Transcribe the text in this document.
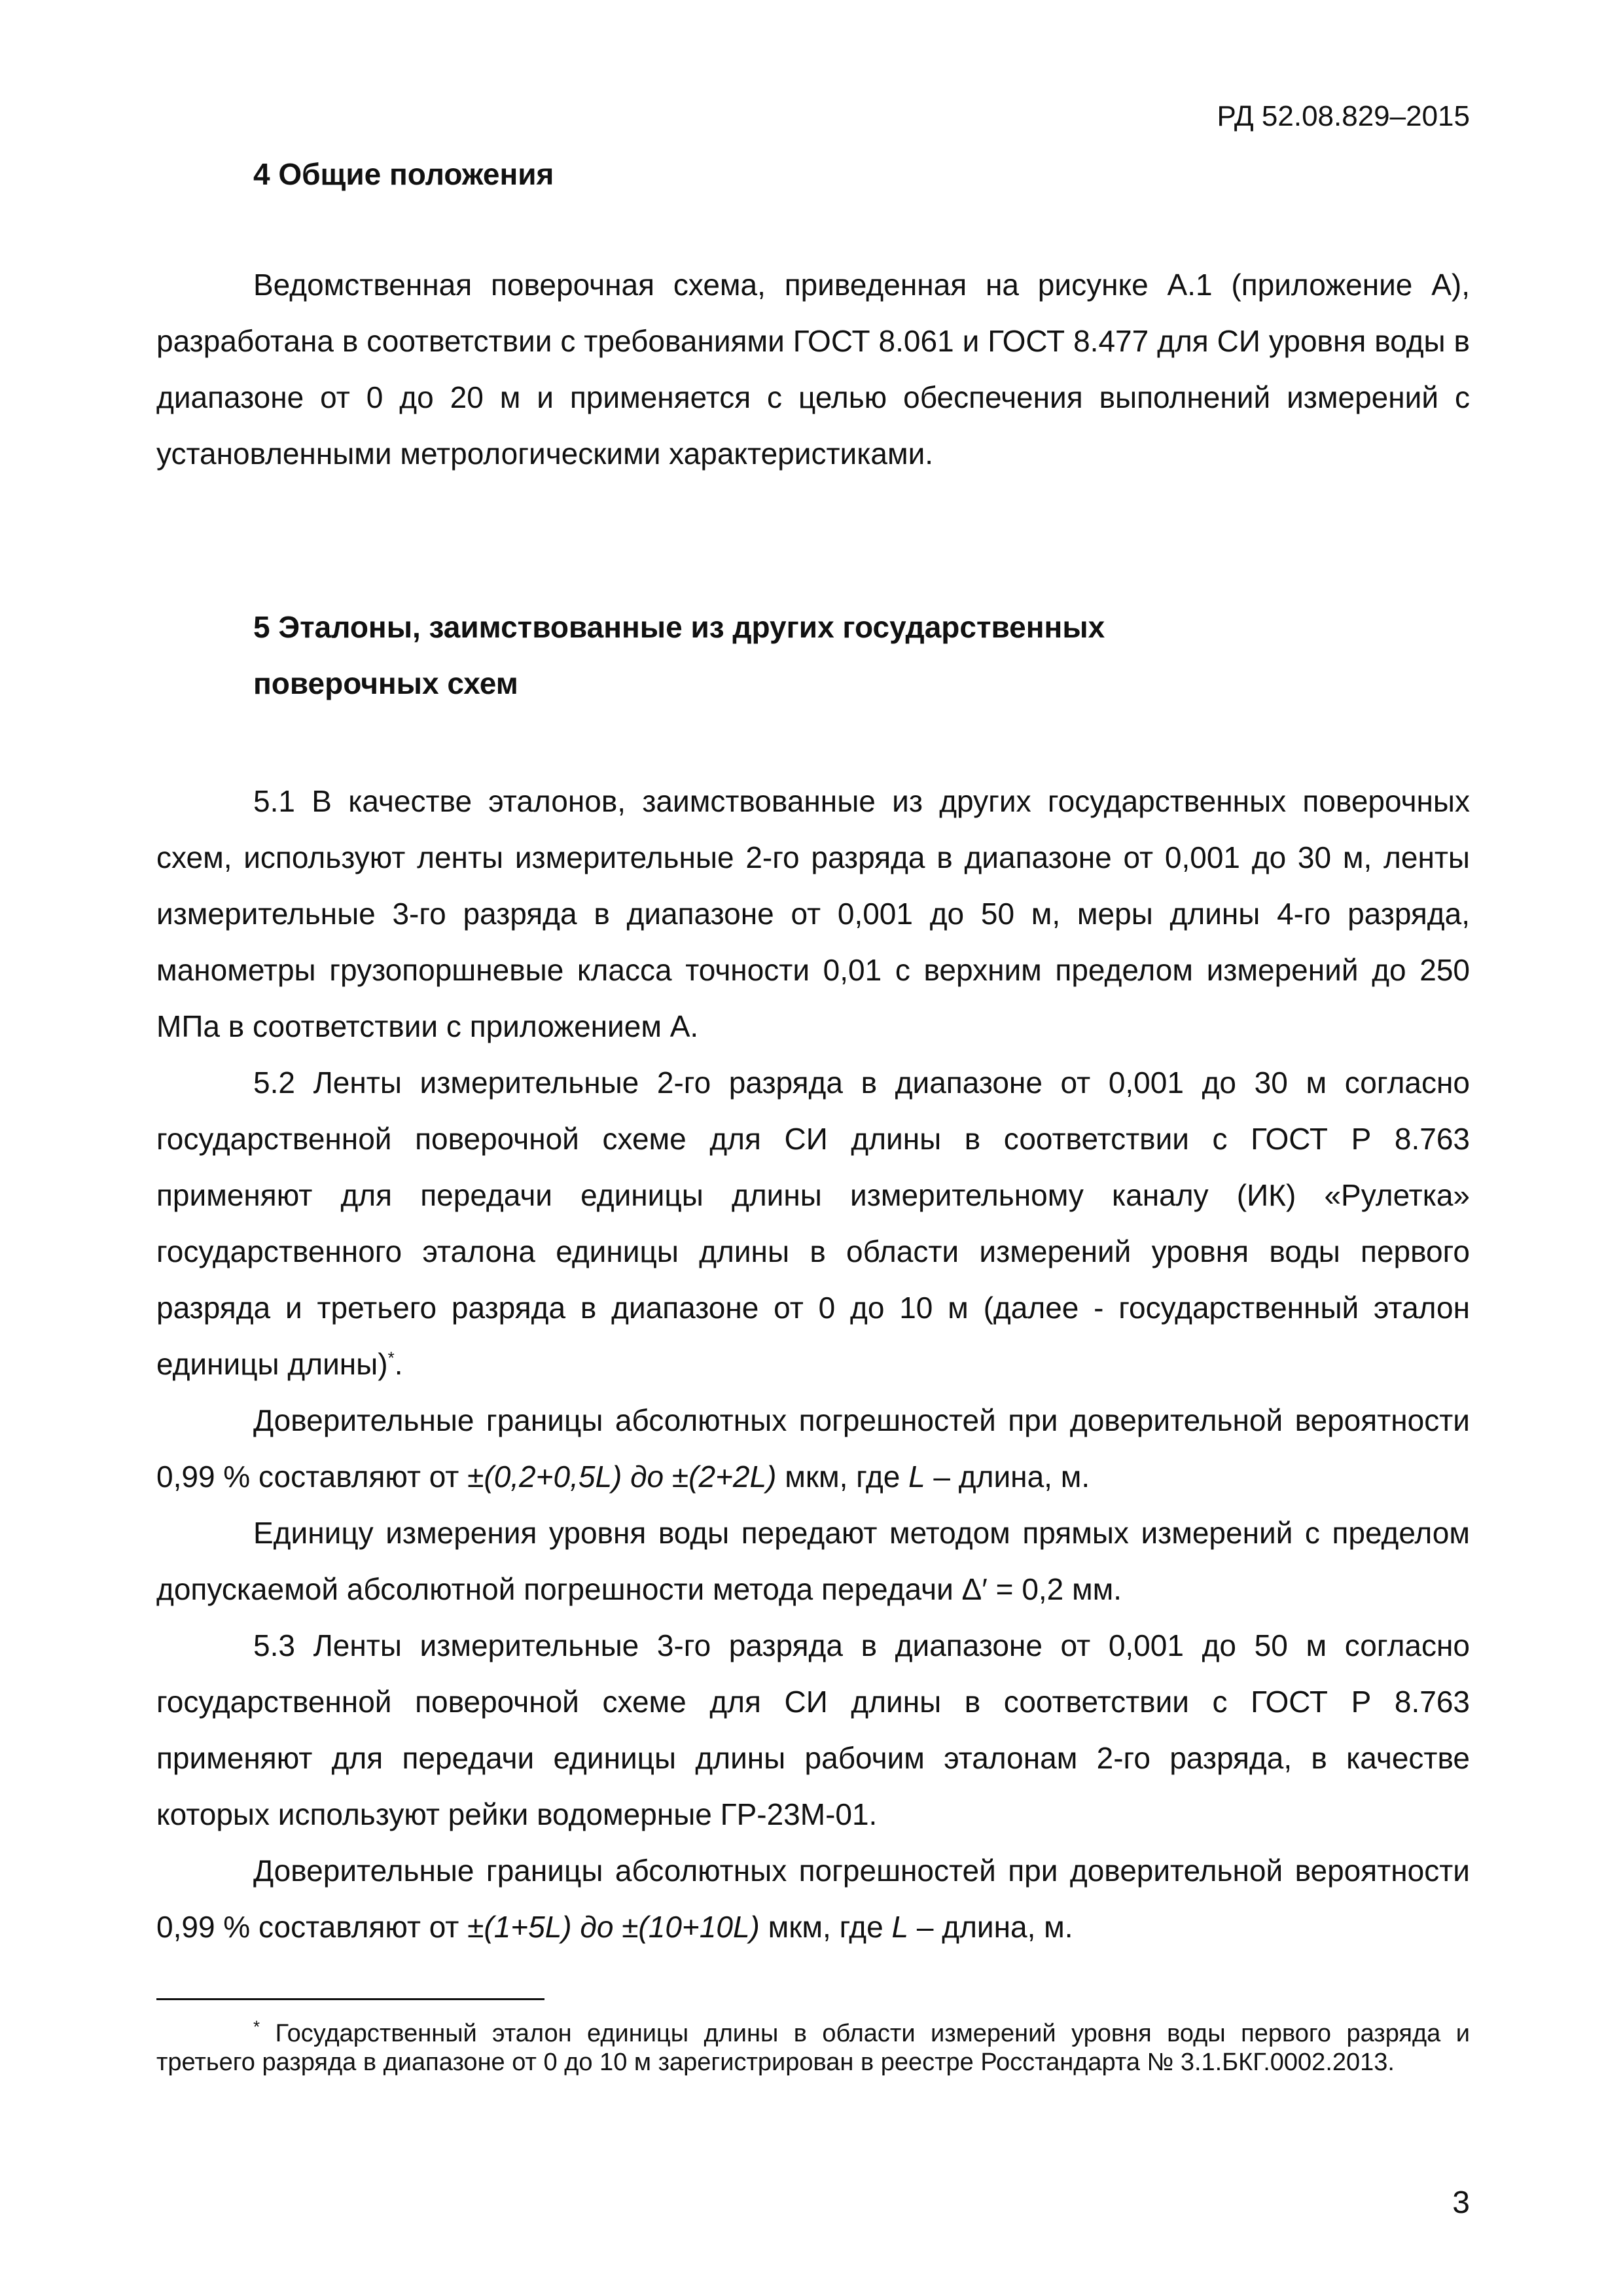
РД 52.08.829–2015
4 Общие положения
Ведомственная поверочная схема, приведенная на рисунке А.1 (приложение А), разработана в соответствии с требованиями ГОСТ 8.061 и ГОСТ 8.477 для СИ уровня воды в диапазоне от 0 до 20 м и применяется с целью обеспечения выполнений измерений с установленными метрологическими характеристиками.
5 Эталоны, заимствованные из других государственных
поверочных схем
5.1 В качестве эталонов, заимствованные из других государственных поверочных схем, используют ленты измерительные 2-го разряда в диапазоне от 0,001 до 30 м, ленты измерительные 3-го разряда в диапазоне от 0,001 до 50 м, меры длины 4-го разряда, манометры грузопоршневые класса точности 0,01 с верхним пределом измерений до 250 МПа в соответствии с приложением А.
5.2 Ленты измерительные 2-го разряда в диапазоне от 0,001 до 30 м согласно государственной поверочной схеме для СИ длины в соответствии с ГОСТ Р 8.763 применяют для передачи единицы длины измерительному каналу (ИК) «Рулетка» государственного эталона единицы длины в области измерений уровня воды первого разряда и третьего разряда в диапазоне от 0 до 10 м (далее - государственный эталон единицы длины)*.
Доверительные границы абсолютных погрешностей при доверительной вероятности 0,99 % составляют от ±(0,2+0,5L) до ±(2+2L) мкм, где L – длина, м.
Единицу измерения уровня воды передают методом прямых измерений с пределом допускаемой абсолютной погрешности метода передачи Δ′ = 0,2 мм.
5.3 Ленты измерительные 3-го разряда в диапазоне от 0,001 до 50 м согласно государственной поверочной схеме для СИ длины в соответствии с ГОСТ Р 8.763 применяют для передачи единицы длины рабочим эталонам 2-го разряда, в качестве которых используют рейки водомерные ГР-23М-01.
Доверительные границы абсолютных погрешностей при доверительной вероятности 0,99 % составляют от ±(1+5L) до ±(10+10L) мкм, где L – длина, м.
* Государственный эталон единицы длины в области измерений уровня воды первого разряда и третьего разряда в диапазоне от 0 до 10 м зарегистрирован в реестре Росстандарта № 3.1.БКГ.0002.2013.
3
